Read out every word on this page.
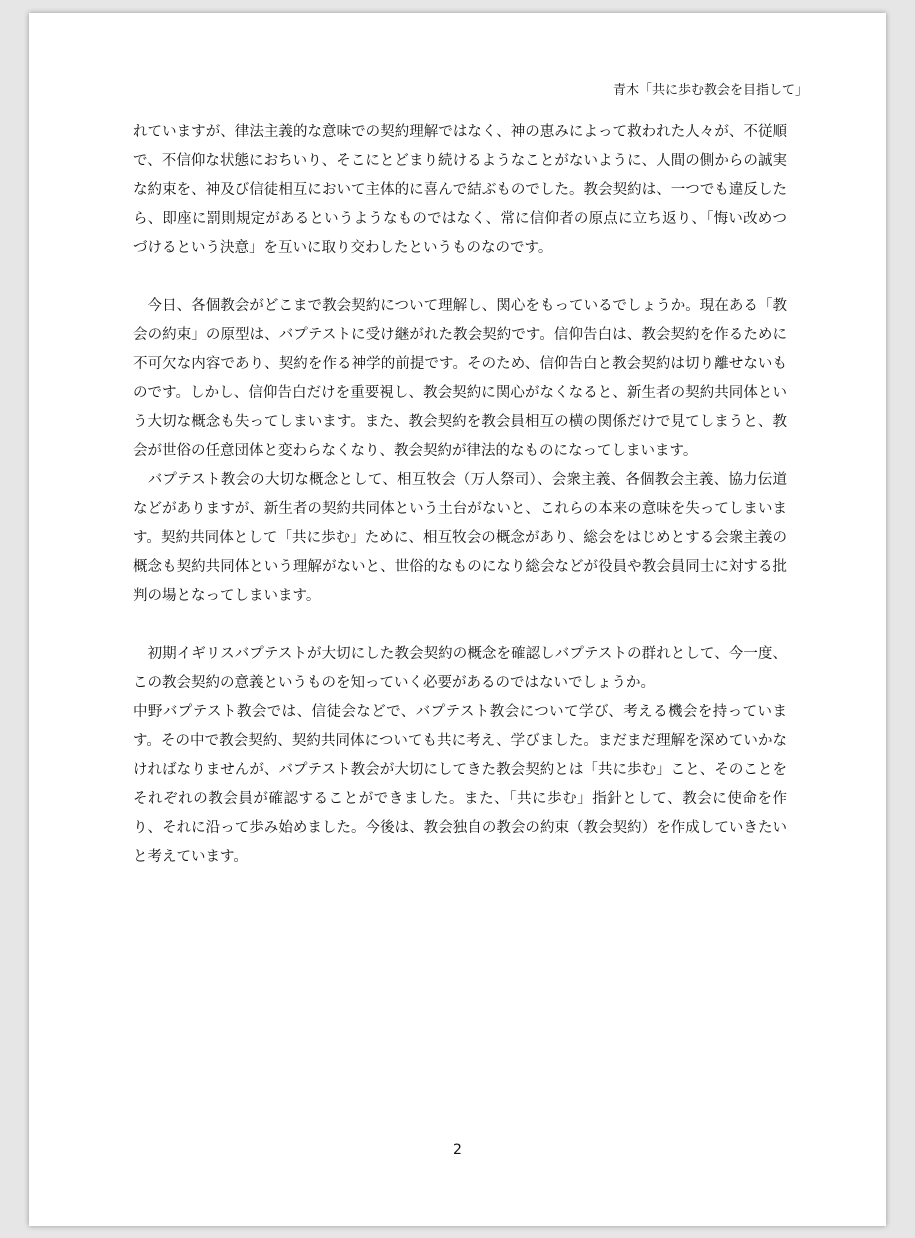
青木「共に歩む教会を目指して」

れていますが、律法主義的な意味での契約理解ではなく、神の恵みによって救われた人々が、不従順で、不信仰な状態におちいり、そこにとどまり続けるようなことがないように、人間の側からの誠実な約束を、神及び信徒相互において主体的に喜んで結ぶものでした。教会契約は、一つでも違反したら、即座に罰則規定があるというようなものではなく、常に信仰者の原点に立ち返り、「悔い改めつづけるという決意」を互いに取り交わしたというものなのです。

　今日、各個教会がどこまで教会契約について理解し、関心をもっているでしょうか。現在ある「教会の約束」の原型は、バプテストに受け継がれた教会契約です。信仰告白は、教会契約を作るために不可欠な内容であり、契約を作る神学的前提です。そのため、信仰告白と教会契約は切り離せないものです。しかし、信仰告白だけを重要視し、教会契約に関心がなくなると、新生者の契約共同体という大切な概念も失ってしまいます。また、教会契約を教会員相互の横の関係だけで見てしまうと、教会が世俗の任意団体と変わらなくなり、教会契約が律法的なものになってしまいます。

　バプテスト教会の大切な概念として、相互牧会（万人祭司）、会衆主義、各個教会主義、協力伝道などがありますが、新生者の契約共同体という土台がないと、これらの本来の意味を失ってしまいます。契約共同体として「共に歩む」ために、相互牧会の概念があり、総会をはじめとする会衆主義の概念も契約共同体という理解がないと、世俗的なものになり総会などが役員や教会員同士に対する批判の場となってしまいます。

　初期イギリスバプテストが大切にした教会契約の概念を確認しバプテストの群れとして、今一度、この教会契約の意義というものを知っていく必要があるのではないでしょうか。

中野バプテスト教会では、信徒会などで、バプテスト教会について学び、考える機会を持っています。その中で教会契約、契約共同体についても共に考え、学びました。まだまだ理解を深めていかなければなりませんが、バプテスト教会が大切にしてきた教会契約とは「共に歩む」こと、そのことをそれぞれの教会員が確認することができました。また、「共に歩む」指針として、教会に使命を作り、それに沿って歩み始めました。今後は、教会独自の教会の約束（教会契約）を作成していきたいと考えています。

2
